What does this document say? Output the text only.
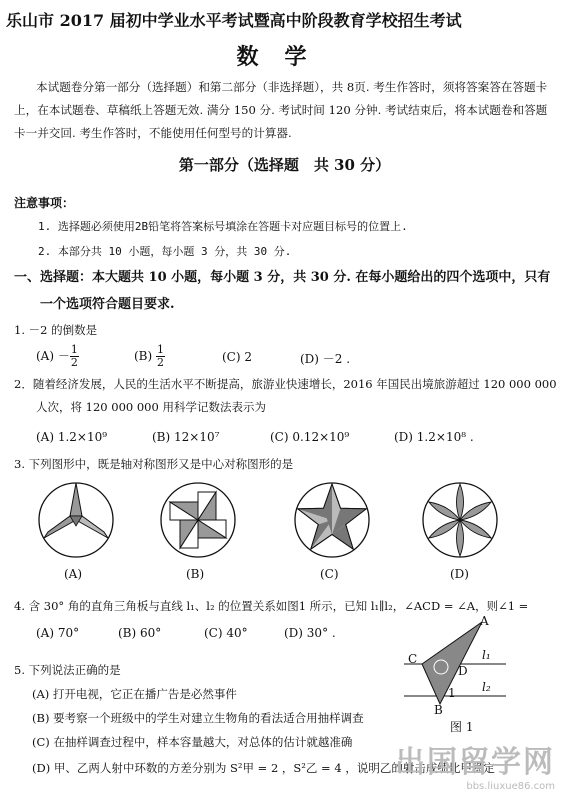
乐山市 2017 届初中学业水平考试暨高中阶段教育学校招生考试
数学
本试题卷分第一部分（选择题）和第二部分（非选择题），共 8页. 考生作答时，须将答案答在答题卡上，在本试题卷、草稿纸上答题无效. 满分 150 分. 考试时间 120 分钟. 考试结束后，将本试题卷和答题卡一并交回. 考生作答时，不能使用任何型号的计算器.
第一部分（选择题　共 30 分）
注意事项：
1. 选择题必须使用2B铅笔将答案标号填涂在答题卡对应题目标号的位置上.
2. 本部分共 10 小题，每小题 3 分，共 30 分.
一、选择题：本大题共 10 小题，每小题 3 分，共 30 分. 在每小题给出的四个选项中，只有
一个选项符合题目要求.
1. －2 的倒数是
$(A) - \frac{1}{2}$	$(B) \frac{1}{2}$	(C) 2	(D) －2 .
2．随着经济发展，人民的生活水平不断提高，旅游业快速增长，2016 年国民出境旅游超过 120 000 000
人次，将 120 000 000 用科学记数法表示为
(A) 1.2×10⁹	(B) 12×10⁷	(C) 0.12×10⁹	(D) 1.2×10⁸ .
3. 下列图形中，既是轴对称图形又是中心对称图形的是
(A)	(B)	(C)	(D)
4. 含 30° 角的直角三角板与直线 l₁、l₂ 的位置关系如图1 所示，已知 l₁∥l₂，∠ACD = ∠A，则∠1 =
(A) 70°	(B) 60°	(C) 40°	(D) 30° .
A
C
D
1
B
l₁
l₂
图 1
5. 下列说法正确的是
(A) 打开电视，它正在播广告是必然事件
(B) 要考察一个班级中的学生对建立生物角的看法适合用抽样调查
(C) 在抽样调查过程中，样本容量越大，对总体的估计就越准确
(D) 甲、乙两人射中环数的方差分别为 S²甲 = 2 ，S²乙 = 4 ，说明乙的射击成绩比甲稳定
出国留学网
bbs.liuxue86.com
